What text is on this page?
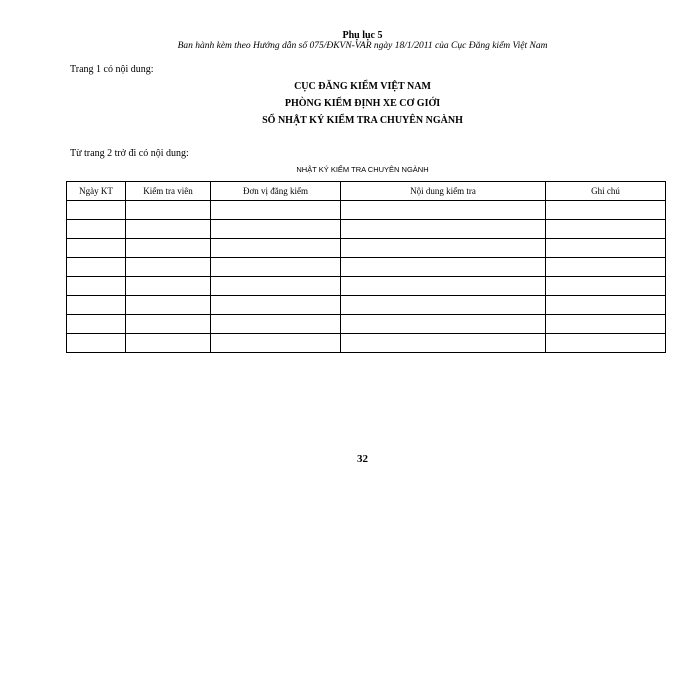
Phụ lục 5
Ban hành kèm theo Hướng dẫn số 075/ĐKVN-VAR ngày 18/1/2011 của Cục Đăng kiểm Việt Nam
Trang 1 có nội dung:
CỤC ĐĂNG KIỂM VIỆT NAM
PHÒNG KIỂM ĐỊNH XE CƠ GIỚI
SỔ NHẬT KÝ KIỂM TRA CHUYÊN NGÀNH
Từ trang 2 trở đi có nội dung:
NHẬT KÝ KIỂM TRA CHUYÊN NGÀNH
Ngày KT	Kiểm tra viên	Đơn vị đăng kiểm	Nội dung kiểm tra	Ghi chú

32
